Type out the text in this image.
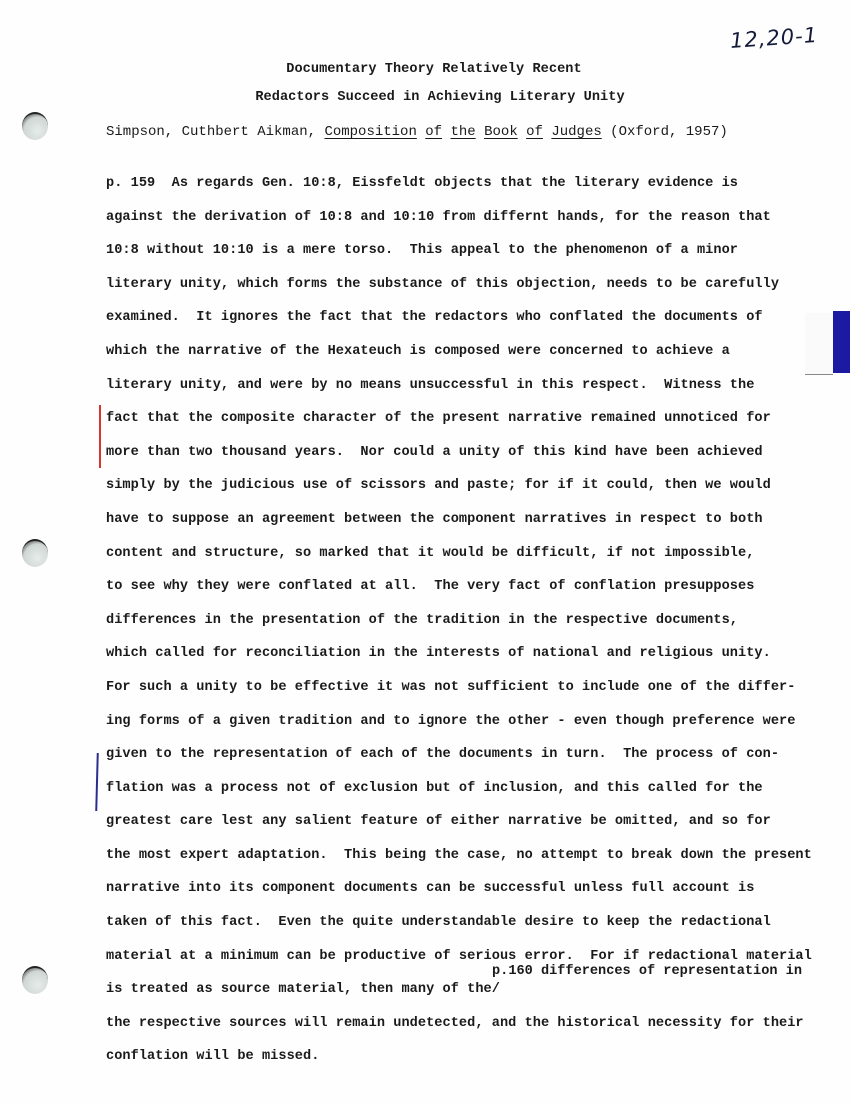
12,20-1
Documentary Theory Relatively Recent
Redactors Succeed in Achieving Literary Unity
Simpson, Cuthbert Aikman, Composition of the Book of Judges (Oxford, 1957)
p. 159  As regards Gen. 10:8, Eissfeldt objects that the literary evidence is
against the derivation of 10:8 and 10:10 from differnt hands, for the reason that
10:8 without 10:10 is a mere torso.  This appeal to the phenomenon of a minor
literary unity, which forms the substance of this objection, needs to be carefully
examined.  It ignores the fact that the redactors who conflated the documents of
which the narrative of the Hexateuch is composed were concerned to achieve a
literary unity, and were by no means unsuccessful in this respect.  Witness the
fact that the composite character of the present narrative remained unnoticed for
more than two thousand years.  Nor could a unity of this kind have been achieved
simply by the judicious use of scissors and paste; for if it could, then we would
have to suppose an agreement between the component narratives in respect to both
content and structure, so marked that it would be difficult, if not impossible,
to see why they were conflated at all.  The very fact of conflation presupposes
differences in the presentation of the tradition in the respective documents,
which called for reconciliation in the interests of national and religious unity.
For such a unity to be effective it was not sufficient to include one of the differ-
ing forms of a given tradition and to ignore the other - even though preference were
given to the representation of each of the documents in turn.  The process of con-
flation was a process not of exclusion but of inclusion, and this called for the
greatest care lest any salient feature of either narrative be omitted, and so for
the most expert adaptation.  This being the case, no attempt to break down the present
narrative into its component documents can be successful unless full account is
taken of this fact.  Even the quite understandable desire to keep the redactional
material at a minimum can be productive of serious error.  For if redactional material
is treated as source material, then many of the/
the respective sources will remain undetected, and the historical necessity for their
conflation will be missed.
p.160 differences of representation in
